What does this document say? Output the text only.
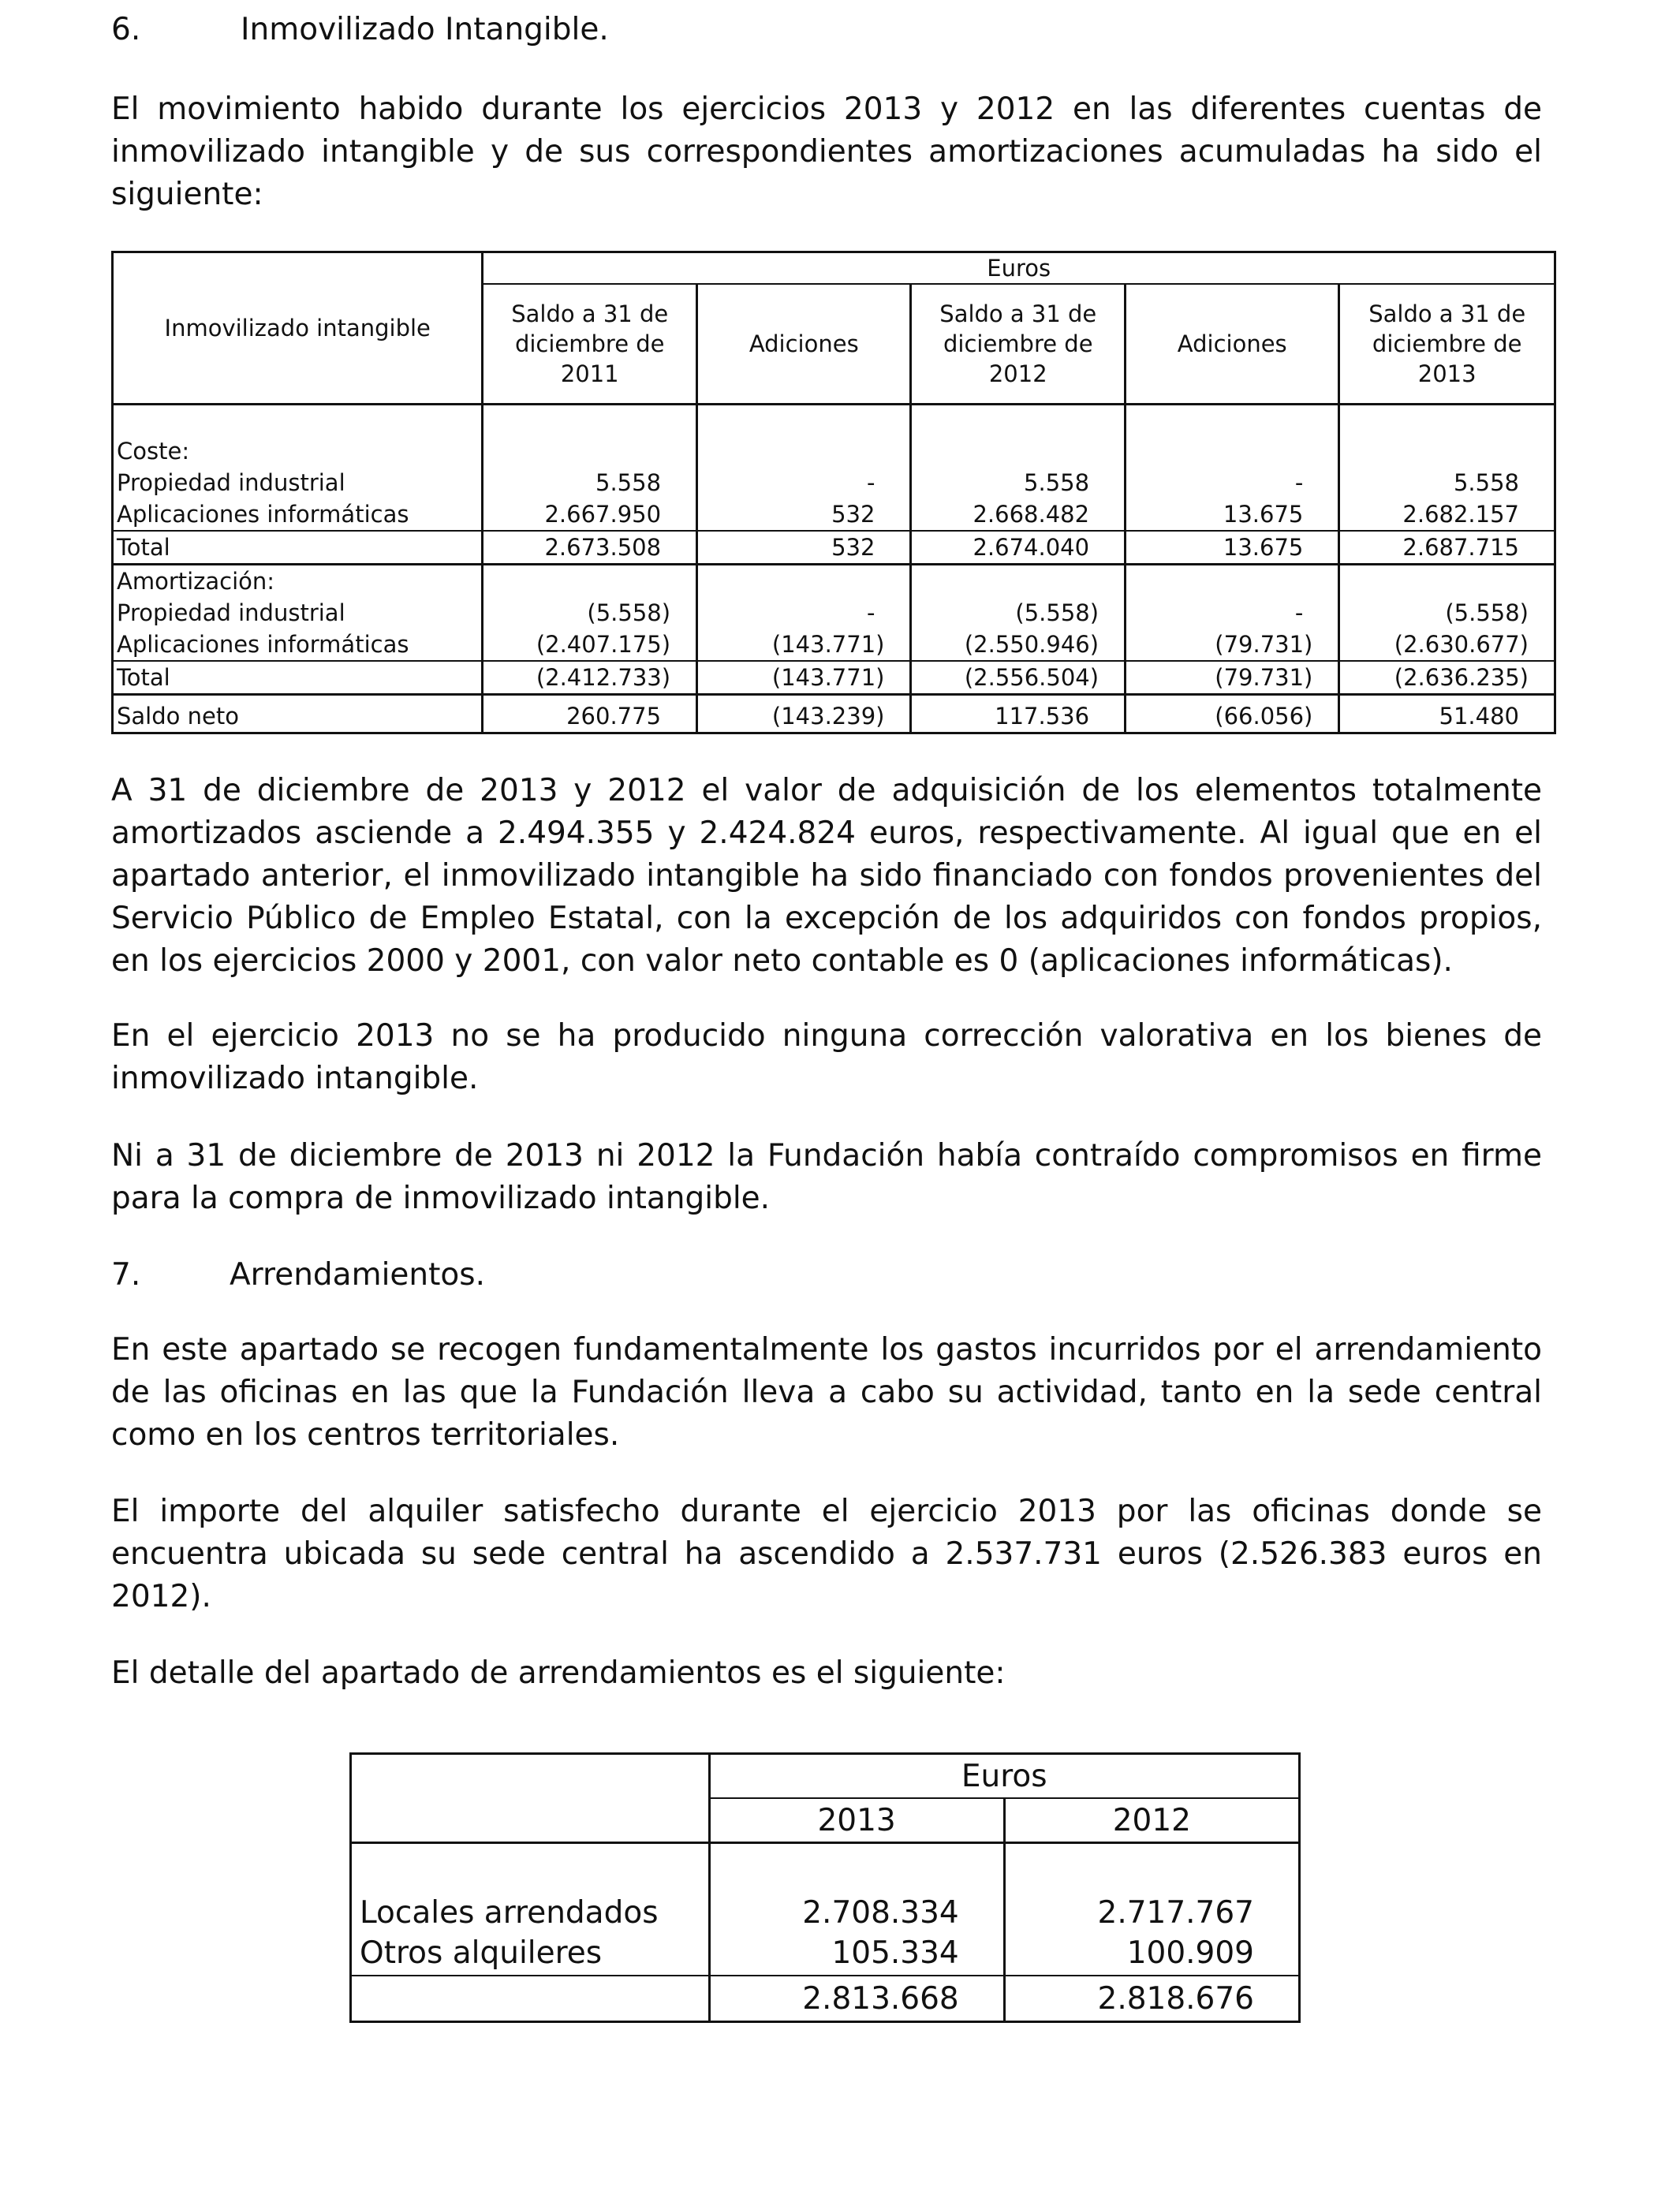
6.	Inmovilizado Intangible.
El movimiento habido durante los ejercicios 2013 y 2012 en las diferentes cuentas de inmovilizado intangible y de sus correspondientes amortizaciones acumuladas ha sido el siguiente:
Inmovilizado intangible	Euros				
	Saldo a 31 de diciembre de 2011	Adiciones	Saldo a 31 de diciembre de 2012	Adiciones	Saldo a 31 de diciembre de 2013
Coste:					
Propiedad industrial	5.558	-	5.558	-	5.558
Aplicaciones informáticas	2.667.950	532	2.668.482	13.675	2.682.157
Total	2.673.508	532	2.674.040	13.675	2.687.715
Amortización:					
Propiedad industrial	(5.558)	-	(5.558)	-	(5.558)
Aplicaciones informáticas	(2.407.175)	(143.771)	(2.550.946)	(79.731)	(2.630.677)
Total	(2.412.733)	(143.771)	(2.556.504)	(79.731)	(2.636.235)
Saldo neto	260.775	(143.239)	117.536	(66.056)	51.480
A 31 de diciembre de 2013 y 2012 el valor de adquisición de los elementos totalmente amortizados asciende a 2.494.355 y 2.424.824 euros, respectivamente. Al igual que en el apartado anterior, el inmovilizado intangible ha sido financiado con fondos provenientes del Servicio Público de Empleo Estatal, con la excepción de los adquiridos con fondos propios, en los ejercicios 2000 y 2001, con valor neto contable es 0 (aplicaciones informáticas).
En el ejercicio 2013 no se ha producido ninguna corrección valorativa en los bienes de inmovilizado intangible.
Ni a 31 de diciembre de 2013 ni 2012 la Fundación había contraído compromisos en firme para la compra de inmovilizado intangible.
7.	Arrendamientos.
En este apartado se recogen fundamentalmente los gastos incurridos por el arrendamiento de las oficinas en las que la Fundación lleva a cabo su actividad, tanto en la sede central como en los centros territoriales.
El importe del alquiler satisfecho durante el ejercicio 2013 por las oficinas donde se encuentra ubicada su sede central ha ascendido a 2.537.731 euros (2.526.383 euros en 2012).
El detalle del apartado de arrendamientos es el siguiente:
	Euros	
	2013	2012
Locales arrendados	2.708.334	2.717.767
Otros alquileres	105.334	100.909
	2.813.668	2.818.676
